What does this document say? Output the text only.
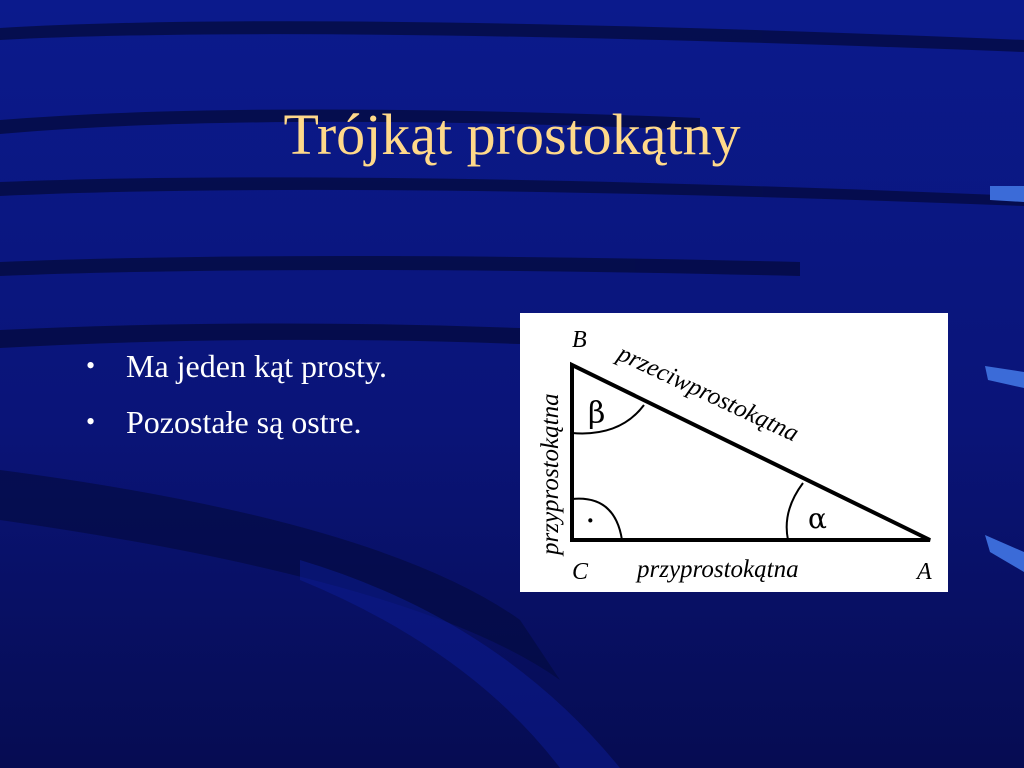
Trójkąt prostokątny
• Ma jeden kąt prosty.
• Pozostałe są ostre.
B
C	A
β
α
·
przyprostokątna
przyprostokątna przeciwprostokątna
